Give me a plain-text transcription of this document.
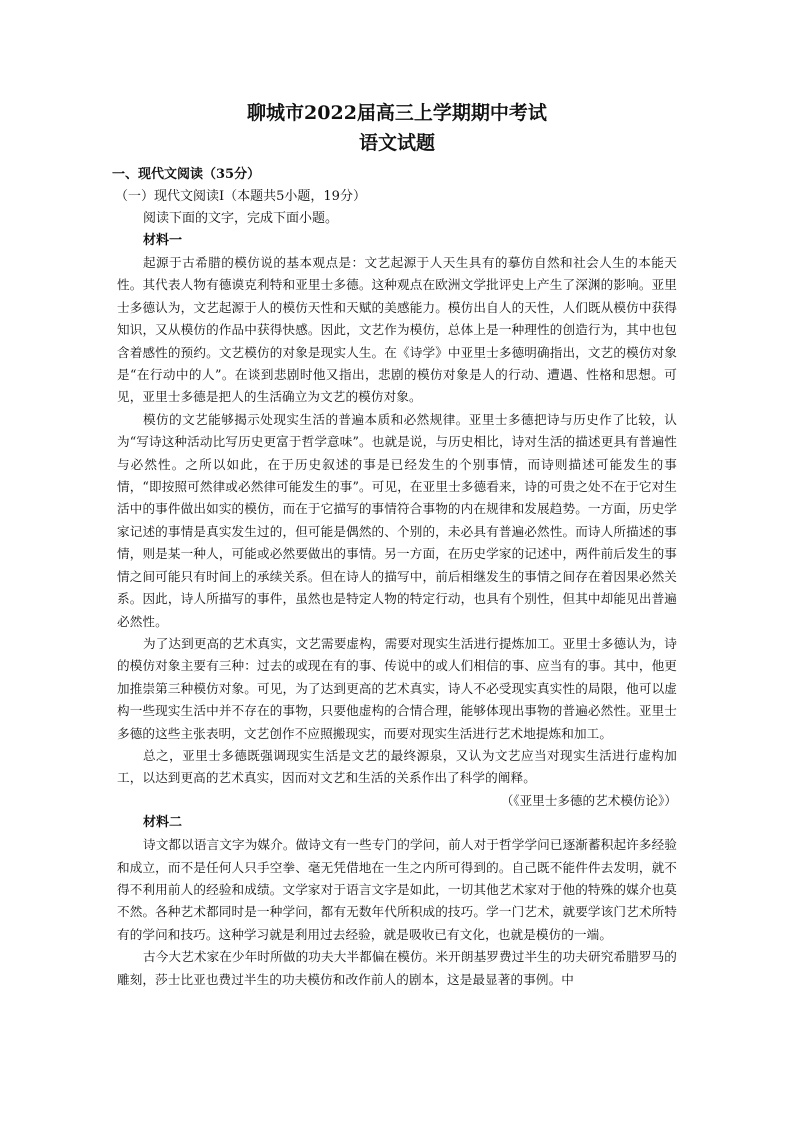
聊城市2022届高三上学期期中考试
语文试题

一、现代文阅读（35分）

（一）现代文阅读Ⅰ（本题共5小题，19分）

阅读下面的文字，完成下面小题。

材料一

起源于古希腊的模仿说的基本观点是：文艺起源于人天生具有的摹仿自然和社会人生的本能天性。其代表人物有德谟克利特和亚里士多德。这种观点在欧洲文学批评史上产生了深渊的影响。亚里士多德认为，文艺起源于人的模仿天性和天赋的美感能力。模仿出自人的天性，人们既从模仿中获得知识，又从模仿的作品中获得快感。因此，文艺作为模仿，总体上是一种理性的创造行为，其中也包含着感性的预约。文艺模仿的对象是现实人生。在《诗学》中亚里士多德明确指出，文艺的模仿对象是“在行动中的人”。在谈到悲剧时他又指出，悲剧的模仿对象是人的行动、遭遇、性格和思想。可见，亚里士多德是把人的生活确立为文艺的模仿对象。

模仿的文艺能够揭示处现实生活的普遍本质和必然规律。亚里士多德把诗与历史作了比较，认为“写诗这种活动比写历史更富于哲学意味”。也就是说，与历史相比，诗对生活的描述更具有普遍性与必然性。之所以如此，在于历史叙述的事是已经发生的个别事情，而诗则描述可能发生的事情，“即按照可然律或必然律可能发生的事”。可见，在亚里士多德看来，诗的可贵之处不在于它对生活中的事件做出如实的模仿，而在于它描写的事情符合事物的内在规律和发展趋势。一方面，历史学家记述的事情是真实发生过的，但可能是偶然的、个别的，未必具有普遍必然性。而诗人所描述的事情，则是某一种人，可能或必然要做出的事情。另一方面，在历史学家的记述中，两件前后发生的事情之间可能只有时间上的承续关系。但在诗人的描写中，前后相继发生的事情之间存在着因果必然关系。因此，诗人所描写的事件，虽然也是特定人物的特定行动，也具有个别性，但其中却能见出普遍必然性。

为了达到更高的艺术真实，文艺需要虚构，需要对现实生活进行提炼加工。亚里士多德认为，诗的模仿对象主要有三种：过去的或现在有的事、传说中的或人们相信的事、应当有的事。其中，他更加推崇第三种模仿对象。可见，为了达到更高的艺术真实，诗人不必受现实真实性的局限，他可以虚构一些现实生活中并不存在的事物，只要他虚构的合情合理，能够体现出事物的普遍必然性。亚里士多德的这些主张表明，文艺创作不应照搬现实，而要对现实生活进行艺术地提炼和加工。

总之，亚里士多德既强调现实生活是文艺的最终源泉，又认为文艺应当对现实生活进行虚构加工，以达到更高的艺术真实，因而对文艺和生活的关系作出了科学的阐释。

（《亚里士多德的艺术模仿论》）

材料二

诗文都以语言文字为媒介。做诗文有一些专门的学问，前人对于哲学学问已逐渐蓄积起许多经验和成立，而不是任何人只手空拳、毫无凭借地在一生之内所可得到的。自己既不能件件去发明，就不得不利用前人的经验和成绩。文学家对于语言文字是如此，一切其他艺术家对于他的特殊的媒介也莫不然。各种艺术都同时是一种学问，都有无数年代所积成的技巧。学一门艺术，就要学该门艺术所特有的学问和技巧。这种学习就是利用过去经验，就是吸收已有文化，也就是模仿的一端。

古今大艺术家在少年时所做的功夫大半都偏在模仿。米开朗基罗费过半生的功夫研究希腊罗马的雕刻，莎士比亚也费过半生的功夫模仿和改作前人的剧本，这是最显著的事例。中
